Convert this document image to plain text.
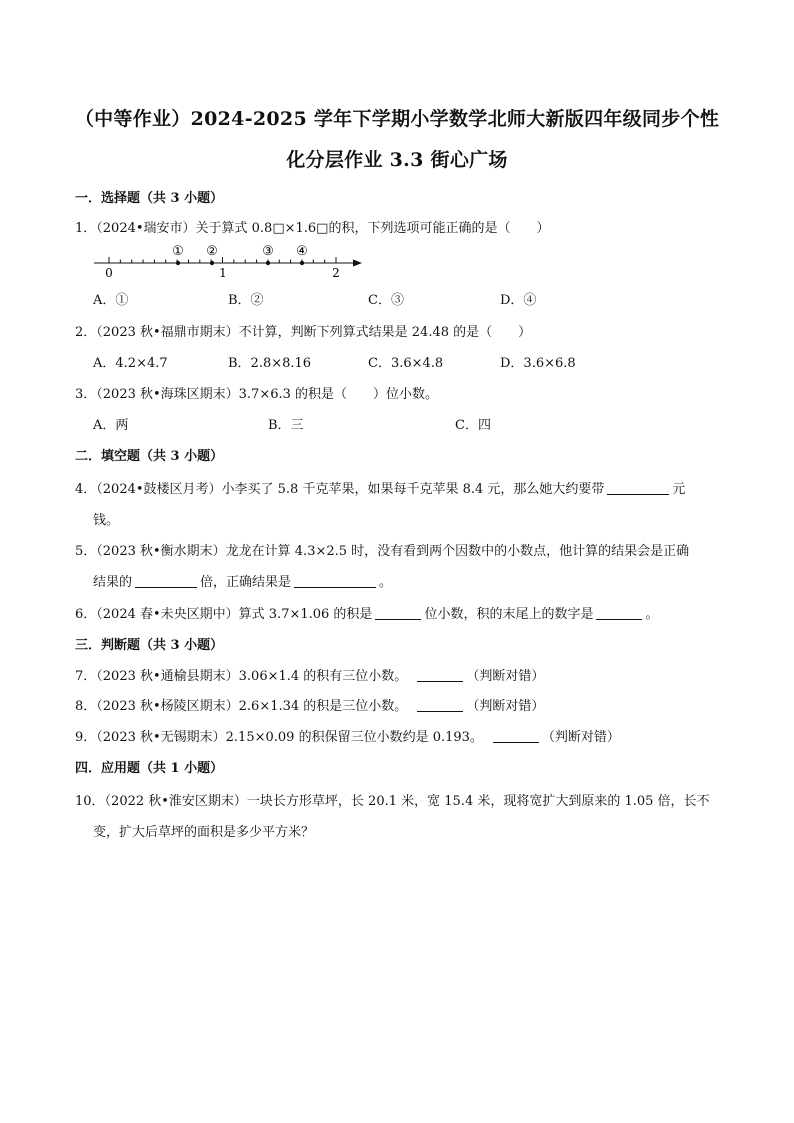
（中等作业）2024-2025 学年下学期小学数学北师大新版四年级同步个性
化分层作业 3.3 街心广场
一．选择题（共 3 小题）
1．（2024•瑞安市）关于算式 0.8□×1.6□的积，下列选项可能正确的是（　　）
0	1	2
① ②	③ ④
A．①	B．②	C．③	D．④
2．（2023 秋•福鼎市期末）不计算，判断下列算式结果是 24.48 的是（　　）
A．4.2×4.7	B．2.8×8.16	C．3.6×4.8	D．3.6×6.8
3．（2023 秋•海珠区期末）3.7×6.3 的积是（　　）位小数。
A．两	B．三	C．四
二．填空题（共 3 小题）
4．（2024•鼓楼区月考）小李买了 5.8 千克苹果，如果每千克苹果 8.4 元，那么她大约要带	元
钱。
5．（2023 秋•衡水期末）龙龙在计算 4.3×2.5 时，没有看到两个因数中的小数点，他计算的结果会是正确
结果的	倍，正确结果是	。
6．（2024 春•未央区期中）算式 3.7×1.06 的积是	位小数，积的末尾上的数字是	。
三．判断题（共 3 小题）
7．（2023 秋•通榆县期末）3.06×1.4 的积有三位小数。	（判断对错）
8．（2023 秋•杨陵区期末）2.6×1.34 的积是三位小数。	（判断对错）
9．（2023 秋•无锡期末）2.15×0.09 的积保留三位小数约是 0.193。	（判断对错）
四．应用题（共 1 小题）
10．（2022 秋•淮安区期末）一块长方形草坪，长 20.1 米，宽 15.4 米，现将宽扩大到原来的 1.05 倍，长不
变，扩大后草坪的面积是多少平方米？
